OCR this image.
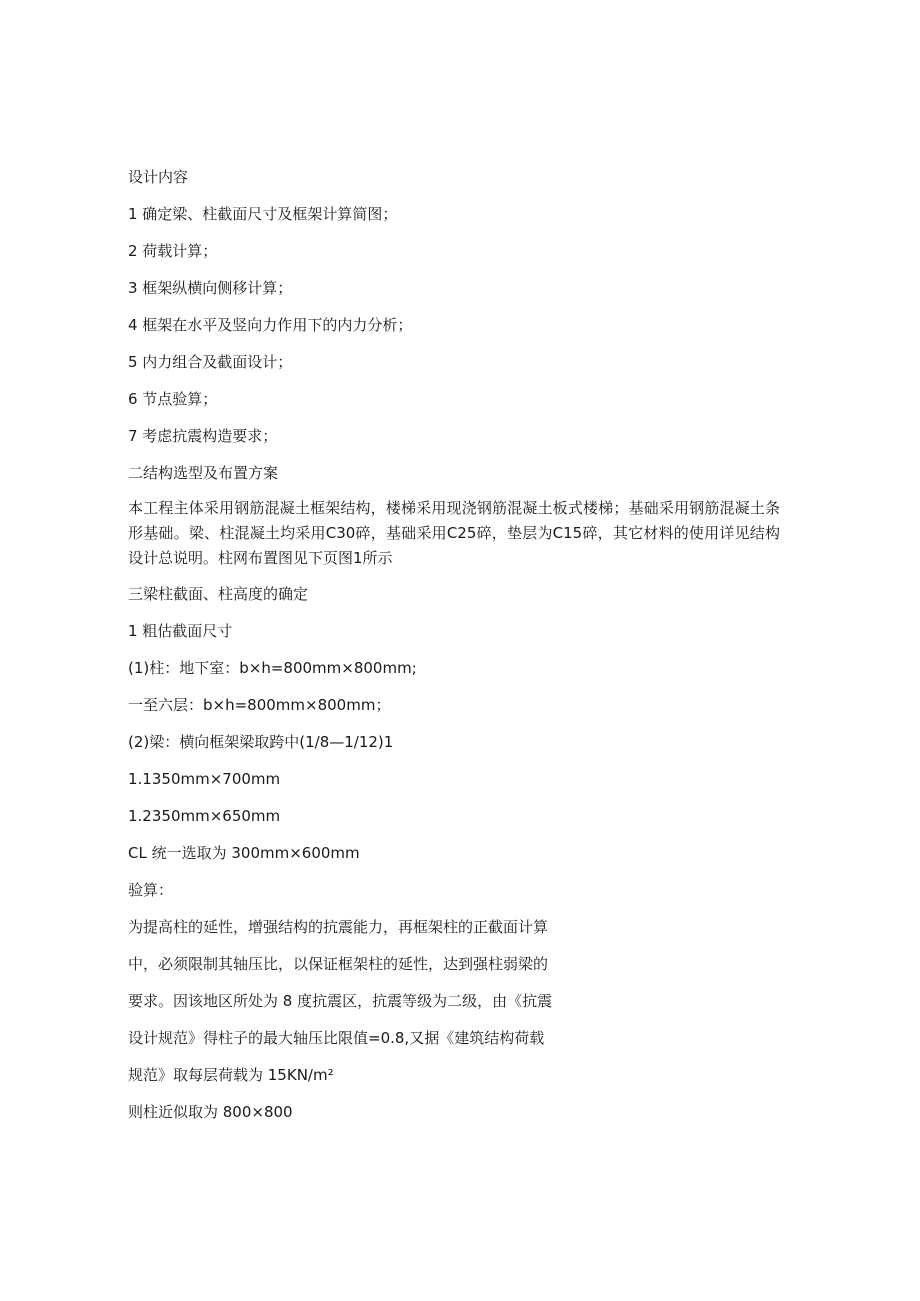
设计内容

1 确定梁、柱截面尺寸及框架计算简图；

2 荷载计算；

3 框架纵横向侧移计算；

4 框架在水平及竖向力作用下的内力分析；

5 内力组合及截面设计；

6 节点验算；

7 考虑抗震构造要求；

二结构选型及布置方案

本工程主体采用钢筋混凝土框架结构，楼梯采用现浇钢筋混凝土板式楼梯；基础采用钢筋混凝土条形基础。梁、柱混凝土均采用C30碎，基础采用C25碎，垫层为C15碎，其它材料的使用详见结构设计总说明。柱网布置图见下页图1所示

三梁柱截面、柱高度的确定

1 粗估截面尺寸

(1)柱：地下室：b×h=800mm×800mm;

一至六层：b×h=800mm×800mm；

(2)梁：横向框架梁取跨中(1/8—1/12)1

1.1350mm×700mm

1.2350mm×650mm

CL 统一选取为 300mm×600mm

验算：

为提高柱的延性，增强结构的抗震能力，再框架柱的正截面计算

中，必须限制其轴压比，以保证框架柱的延性，达到强柱弱梁的

要求。因该地区所处为 8 度抗震区，抗震等级为二级，由《抗震

设计规范》得柱子的最大轴压比限值=0.8,又据《建筑结构荷载

规范》取每层荷载为 15KN/m²

则柱近似取为 800×800
